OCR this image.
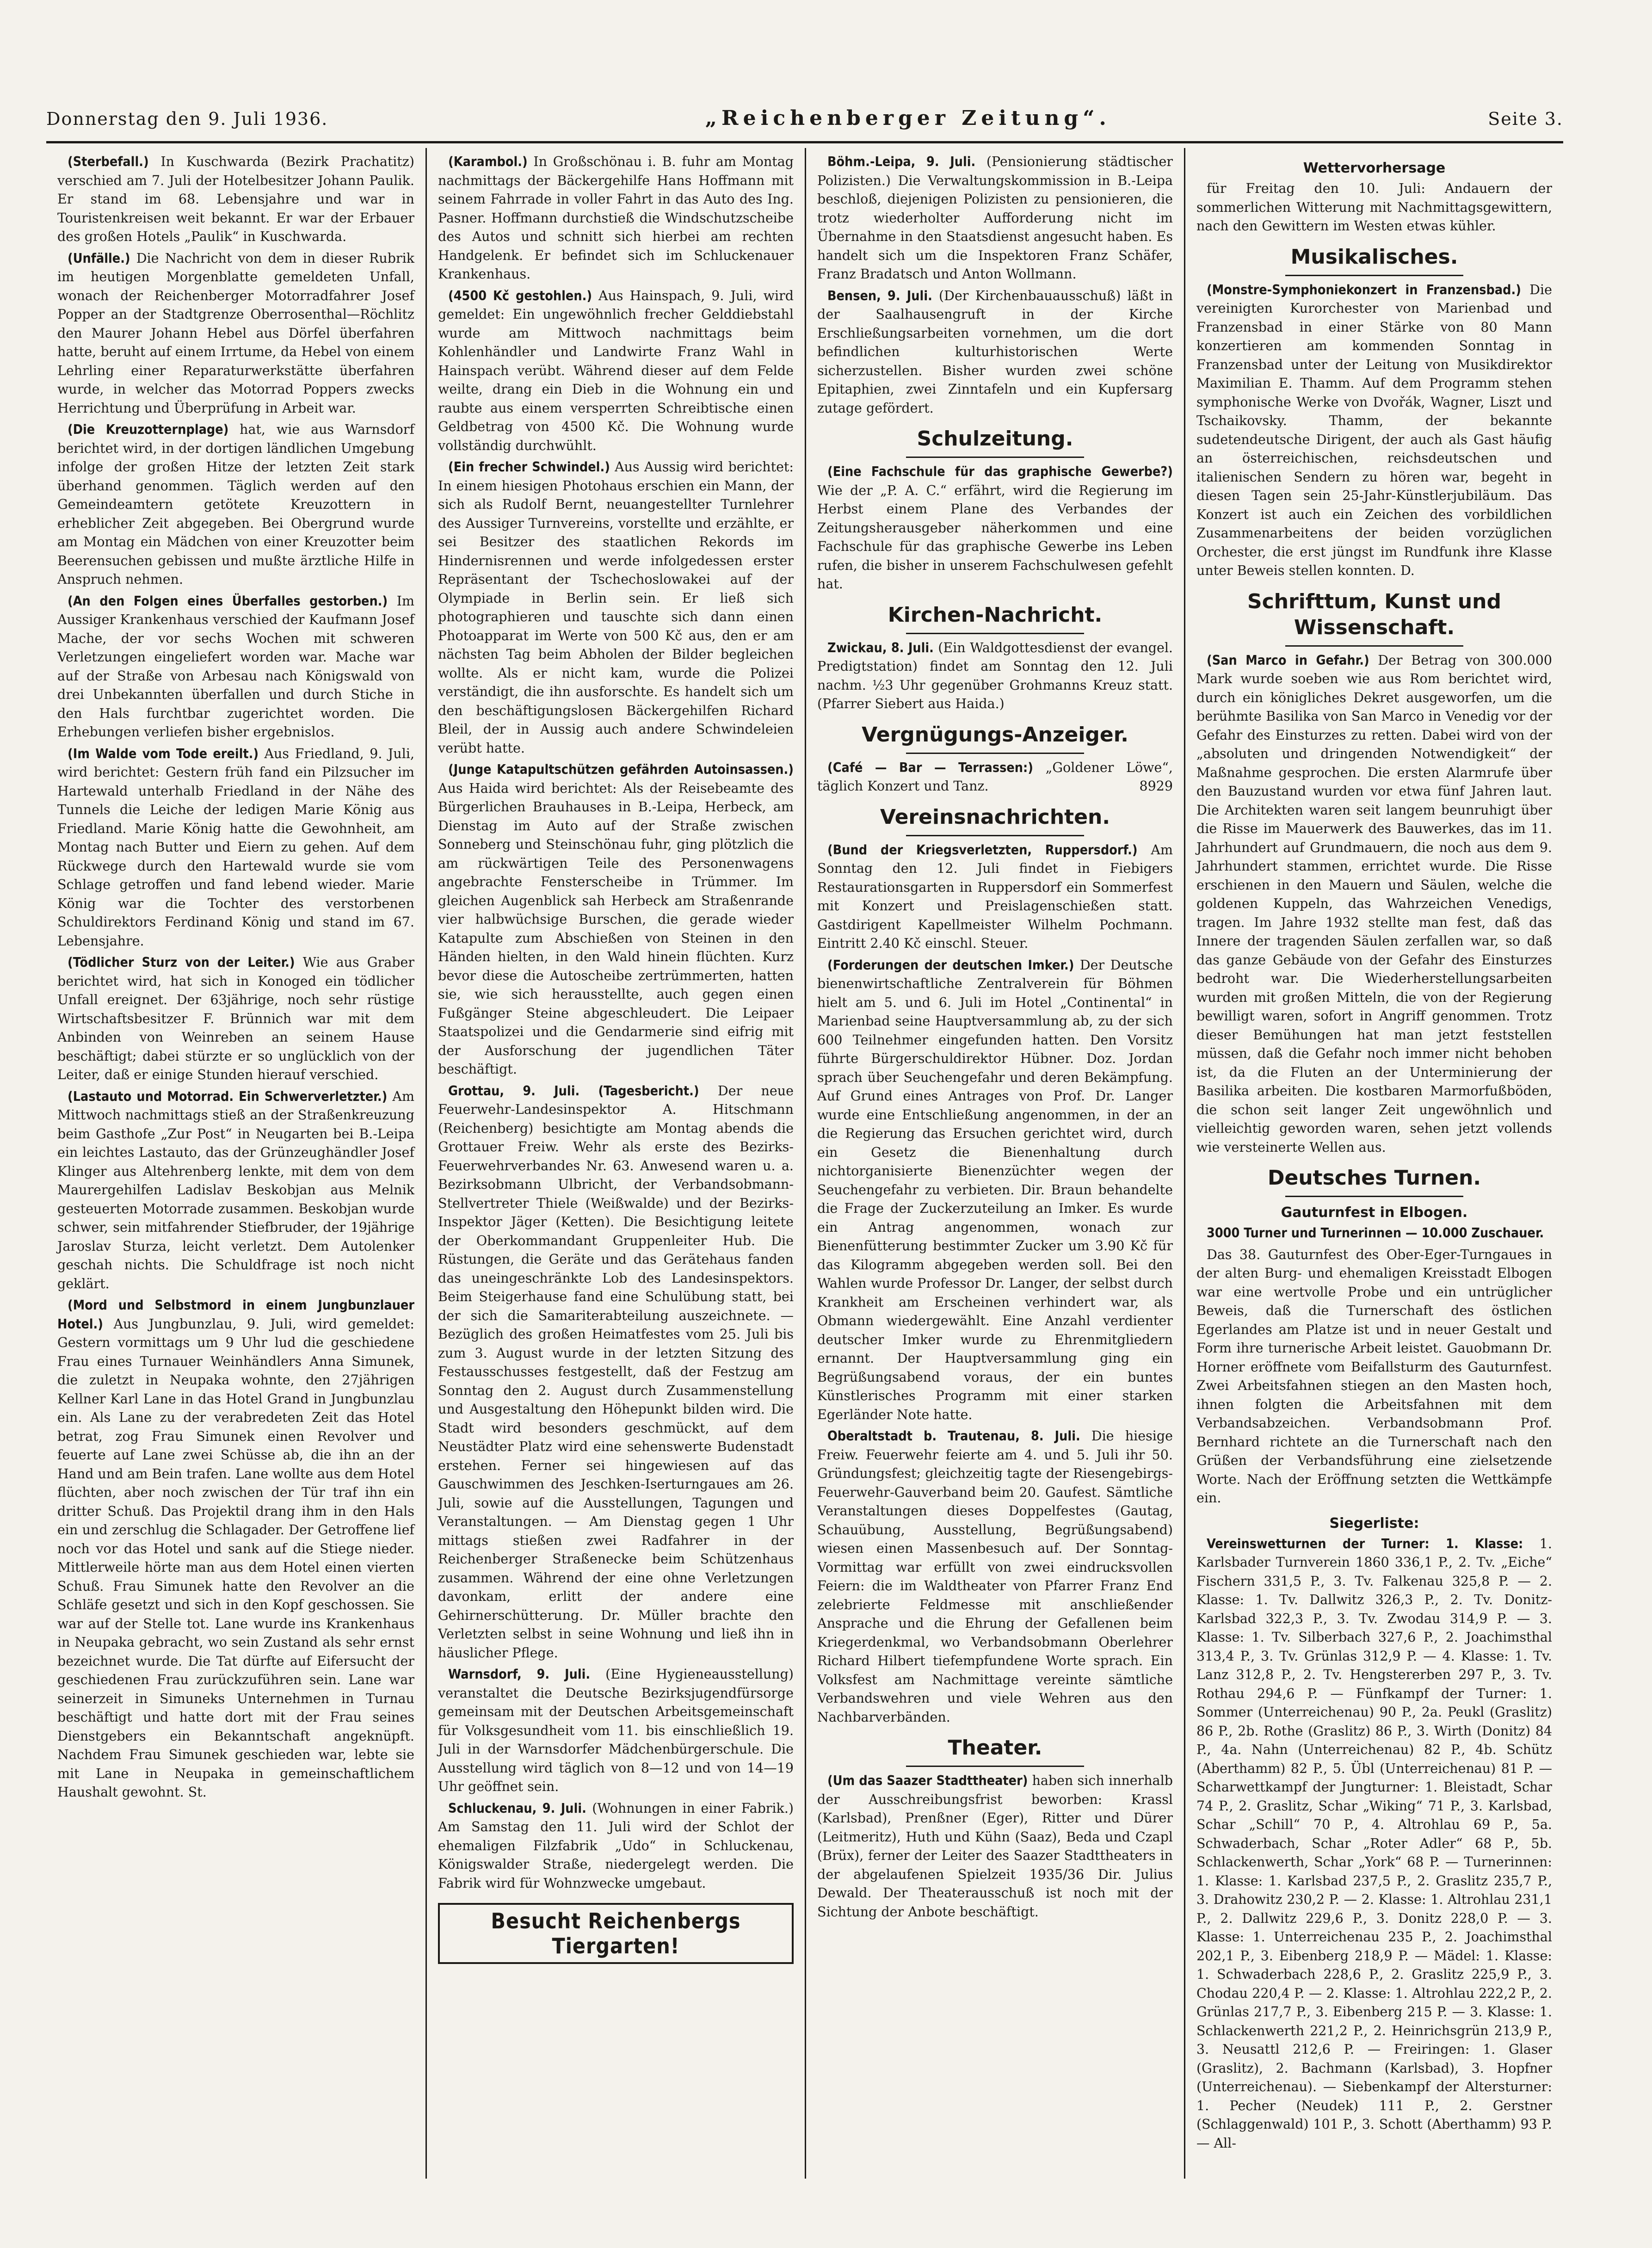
Donnerstag den 9. Juli 1936.	„Reichenberger Zeitung“.	Seite 3.

(Sterbefall.) In Kuschwarda (Bezirk Prachatitz) verschied am 7. Juli der Hotelbesitzer Johann Paulik. Er stand im 68. Lebensjahre und war in Touristenkreisen weit bekannt. Er war der Erbauer des großen Hotels „Paulik“ in Kuschwarda.

(Unfälle.) Die Nachricht von dem in dieser Rubrik im heutigen Morgenblatte gemeldeten Unfall, wonach der Reichenberger Motorradfahrer Josef Popper an der Stadtgrenze Oberrosenthal—Röchlitz den Maurer Johann Hebel aus Dörfel überfahren hatte, beruht auf einem Irrtume, da Hebel von einem Lehrling einer Reparaturwerkstätte überfahren wurde, in welcher das Motorrad Poppers zwecks Herrichtung und Überprüfung in Arbeit war.

(Die Kreuzotternplage) hat, wie aus Warnsdorf berichtet wird, in der dortigen ländlichen Umgebung infolge der großen Hitze der letzten Zeit stark überhand genommen. Täglich werden auf den Gemeindeamtern getötete Kreuzottern in erheblicher Zeit abgegeben. Bei Obergrund wurde am Montag ein Mädchen von einer Kreuzotter beim Beerensuchen gebissen und mußte ärztliche Hilfe in Anspruch nehmen.

(An den Folgen eines Überfalles gestorben.) Im Aussiger Krankenhaus verschied der Kaufmann Josef Mache, der vor sechs Wochen mit schweren Verletzungen eingeliefert worden war. Mache war auf der Straße von Arbesau nach Königswald von drei Unbekannten überfallen und durch Stiche in den Hals furchtbar zugerichtet worden. Die Erhebungen verliefen bisher ergebnislos.

(Im Walde vom Tode ereilt.) Aus Friedland, 9. Juli, wird berichtet: Gestern früh fand ein Pilzsucher im Hartewald unterhalb Friedland in der Nähe des Tunnels die Leiche der ledigen Marie König aus Friedland. Marie König hatte die Gewohnheit, am Montag nach Butter und Eiern zu gehen. Auf dem Rückwege durch den Hartewald wurde sie vom Schlage getroffen und fand lebend wieder. Marie König war die Tochter des verstorbenen Schuldirektors Ferdinand König und stand im 67. Lebensjahre.

(Tödlicher Sturz von der Leiter.) Wie aus Graber berichtet wird, hat sich in Konoged ein tödlicher Unfall ereignet. Der 63jährige, noch sehr rüstige Wirtschaftsbesitzer F. Brünnich war mit dem Anbinden von Weinreben an seinem Hause beschäftigt; dabei stürzte er so unglücklich von der Leiter, daß er einige Stunden hierauf verschied.

(Lastauto und Motorrad. Ein Schwerverletzter.) Am Mittwoch nachmittags stieß an der Straßenkreuzung beim Gasthofe „Zur Post“ in Neugarten bei B.-Leipa ein leichtes Lastauto, das der Grünzeughändler Josef Klinger aus Altehrenberg lenkte, mit dem von dem Maurergehilfen Ladislav Beskobjan aus Melnik gesteuerten Motorrade zusammen. Beskobjan wurde schwer, sein mitfahrender Stiefbruder, der 19jährige Jaroslav Sturza, leicht verletzt. Dem Autolenker geschah nichts. Die Schuldfrage ist noch nicht geklärt.

(Mord und Selbstmord in einem Jungbunzlauer Hotel.) Aus Jungbunzlau, 9. Juli, wird gemeldet: Gestern vormittags um 9 Uhr lud die geschiedene Frau eines Turnauer Weinhändlers Anna Simunek, die zuletzt in Neupaka wohnte, den 27jährigen Kellner Karl Lane in das Hotel Grand in Jungbunzlau ein. Als Lane zu der verabredeten Zeit das Hotel betrat, zog Frau Simunek einen Revolver und feuerte auf Lane zwei Schüsse ab, die ihn an der Hand und am Bein trafen. Lane wollte aus dem Hotel flüchten, aber noch zwischen der Tür traf ihn ein dritter Schuß. Das Projektil drang ihm in den Hals ein und zerschlug die Schlagader. Der Getroffene lief noch vor das Hotel und sank auf die Stiege nieder. Mittlerweile hörte man aus dem Hotel einen vierten Schuß. Frau Simunek hatte den Revolver an die Schläfe gesetzt und sich in den Kopf geschossen. Sie war auf der Stelle tot. Lane wurde ins Krankenhaus in Neupaka gebracht, wo sein Zustand als sehr ernst bezeichnet wurde. Die Tat dürfte auf Eifersucht der geschiedenen Frau zurückzuführen sein. Lane war seinerzeit in Simuneks Unternehmen in Turnau beschäftigt und hatte dort mit der Frau seines Dienstgebers ein Bekanntschaft angeknüpft. Nachdem Frau Simunek geschieden war, lebte sie mit Lane in Neupaka in gemeinschaftlichem Haushalt gewohnt. St.

(Karambol.) In Großschönau i. B. fuhr am Montag nachmittags der Bäckergehilfe Hans Hoffmann mit seinem Fahrrade in voller Fahrt in das Auto des Ing. Pasner. Hoffmann durchstieß die Windschutzscheibe des Autos und schnitt sich hierbei am rechten Handgelenk. Er befindet sich im Schluckenauer Krankenhaus.

(4500 Kč gestohlen.) Aus Hainspach, 9. Juli, wird gemeldet: Ein ungewöhnlich frecher Gelddiebstahl wurde am Mittwoch nachmittags beim Kohlenhändler und Landwirte Franz Wahl in Hainspach verübt. Während dieser auf dem Felde weilte, drang ein Dieb in die Wohnung ein und raubte aus einem versperrten Schreibtische einen Geldbetrag von 4500 Kč. Die Wohnung wurde vollständig durchwühlt.

(Ein frecher Schwindel.) Aus Aussig wird berichtet: In einem hiesigen Photohaus erschien ein Mann, der sich als Rudolf Bernt, neuangestellter Turnlehrer des Aussiger Turnvereins, vorstellte und erzählte, er sei Besitzer des staatlichen Rekords im Hindernisrennen und werde infolgedessen erster Repräsentant der Tschechoslowakei auf der Olympiade in Berlin sein. Er ließ sich photographieren und tauschte sich dann einen Photoapparat im Werte von 500 Kč aus, den er am nächsten Tag beim Abholen der Bilder begleichen wollte. Als er nicht kam, wurde die Polizei verständigt, die ihn ausforschte. Es handelt sich um den beschäftigungslosen Bäckergehilfen Richard Bleil, der in Aussig auch andere Schwindeleien verübt hatte.

(Junge Katapultschützen gefährden Autoinsassen.) Aus Haida wird berichtet: Als der Reisebeamte des Bürgerlichen Brauhauses in B.-Leipa, Herbeck, am Dienstag im Auto auf der Straße zwischen Sonneberg und Steinschönau fuhr, ging plötzlich die am rückwärtigen Teile des Personenwagens angebrachte Fensterscheibe in Trümmer. Im gleichen Augenblick sah Herbeck am Straßenrande vier halbwüchsige Burschen, die gerade wieder Katapulte zum Abschießen von Steinen in den Händen hielten, in den Wald hinein flüchten. Kurz bevor diese die Autoscheibe zertrümmerten, hatten sie, wie sich herausstellte, auch gegen einen Fußgänger Steine abgeschleudert. Die Leipaer Staatspolizei und die Gendarmerie sind eifrig mit der Ausforschung der jugendlichen Täter beschäftigt.

Grottau, 9. Juli. (Tagesbericht.) Der neue Feuerwehr-Landesinspektor A. Hitschmann (Reichenberg) besichtigte am Montag abends die Grottauer Freiw. Wehr als erste des Bezirks-Feuerwehrverbandes Nr. 63. Anwesend waren u. a. Bezirksobmann Ulbricht, der Verbandsobmann-Stellvertreter Thiele (Weißwalde) und der Bezirks-Inspektor Jäger (Ketten). Die Besichtigung leitete der Oberkommandant Gruppenleiter Hub. Die Rüstungen, die Geräte und das Gerätehaus fanden das uneingeschränkte Lob des Landesinspektors. Beim Steigerhause fand eine Schulübung statt, bei der sich die Samariterabteilung auszeichnete. — Bezüglich des großen Heimatfestes vom 25. Juli bis zum 3. August wurde in der letzten Sitzung des Festausschusses festgestellt, daß der Festzug am Sonntag den 2. August durch Zusammenstellung und Ausgestaltung den Höhepunkt bilden wird. Die Stadt wird besonders geschmückt, auf dem Neustädter Platz wird eine sehenswerte Budenstadt erstehen. Ferner sei hingewiesen auf das Gauschwimmen des Jeschken-Iserturngaues am 26. Juli, sowie auf die Ausstellungen, Tagungen und Veranstaltungen. — Am Dienstag gegen 1 Uhr mittags stießen zwei Radfahrer in der Reichenberger Straßenecke beim Schützenhaus zusammen. Während der eine ohne Verletzungen davonkam, erlitt der andere eine Gehirnerschütterung. Dr. Müller brachte den Verletzten selbst in seine Wohnung und ließ ihn in häuslicher Pflege.

Warnsdorf, 9. Juli. (Eine Hygieneausstellung) veranstaltet die Deutsche Bezirksjugendfürsorge gemeinsam mit der Deutschen Arbeitsgemeinschaft für Volksgesundheit vom 11. bis einschließlich 19. Juli in der Warnsdorfer Mädchenbürgerschule. Die Ausstellung wird täglich von 8—12 und von 14—19 Uhr geöffnet sein.

Schluckenau, 9. Juli. (Wohnungen in einer Fabrik.) Am Samstag den 11. Juli wird der Schlot der ehemaligen Filzfabrik „Udo“ in Schluckenau, Königswalder Straße, niedergelegt werden. Die Fabrik wird für Wohnzwecke umgebaut.

Besucht Reichenbergs Tiergarten!

Böhm.-Leipa, 9. Juli. (Pensionierung städtischer Polizisten.) Die Verwaltungskommission in B.-Leipa beschloß, diejenigen Polizisten zu pensionieren, die trotz wiederholter Aufforderung nicht im Übernahme in den Staatsdienst angesucht haben. Es handelt sich um die Inspektoren Franz Schäfer, Franz Bradatsch und Anton Wollmann.

Bensen, 9. Juli. (Der Kirchenbauausschuß) läßt in der Saalhausengruft in der Kirche Erschließungsarbeiten vornehmen, um die dort befindlichen kulturhistorischen Werte sicherzustellen. Bisher wurden zwei schöne Epitaphien, zwei Zinntafeln und ein Kupfersarg zutage gefördert.

Schulzeitung.

(Eine Fachschule für das graphische Gewerbe?) Wie der „P. A. C.“ erfährt, wird die Regierung im Herbst einem Plane des Verbandes der Zeitungsherausgeber näherkommen und eine Fachschule für das graphische Gewerbe ins Leben rufen, die bisher in unserem Fachschulwesen gefehlt hat.

Kirchen-Nachricht.

Zwickau, 8. Juli. (Ein Waldgottesdienst der evangel. Predigtstation) findet am Sonntag den 12. Juli nachm. ½3 Uhr gegenüber Grohmanns Kreuz statt. (Pfarrer Siebert aus Haida.)

Vergnügungs-Anzeiger.

(Café — Bar — Terrassen:) „Goldener Löwe“, täglich Konzert und Tanz.	8929

Vereinsnachrichten.

(Bund der Kriegsverletzten, Ruppersdorf.) Am Sonntag den 12. Juli findet in Fiebigers Restaurationsgarten in Ruppersdorf ein Sommerfest mit Konzert und Preislagenschießen statt. Gastdirigent Kapellmeister Wilhelm Pochmann. Eintritt 2.40 Kč einschl. Steuer.

(Forderungen der deutschen Imker.) Der Deutsche bienenwirtschaftliche Zentralverein für Böhmen hielt am 5. und 6. Juli im Hotel „Continental“ in Marienbad seine Hauptversammlung ab, zu der sich 600 Teilnehmer eingefunden hatten. Den Vorsitz führte Bürgerschuldirektor Hübner. Doz. Jordan sprach über Seuchengefahr und deren Bekämpfung. Auf Grund eines Antrages von Prof. Dr. Langer wurde eine Entschließung angenommen, in der an die Regierung das Ersuchen gerichtet wird, durch ein Gesetz die Bienenhaltung durch nichtorganisierte Bienenzüchter wegen der Seuchengefahr zu verbieten. Dir. Braun behandelte die Frage der Zuckerzuteilung an Imker. Es wurde ein Antrag angenommen, wonach zur Bienenfütterung bestimmter Zucker um 3.90 Kč für das Kilogramm abgegeben werden soll. Bei den Wahlen wurde Professor Dr. Langer, der selbst durch Krankheit am Erscheinen verhindert war, als Obmann wiedergewählt. Eine Anzahl verdienter deutscher Imker wurde zu Ehrenmitgliedern ernannt. Der Hauptversammlung ging ein Begrüßungsabend voraus, der ein buntes Künstlerisches Programm mit einer starken Egerländer Note hatte.

Oberaltstadt b. Trautenau, 8. Juli. Die hiesige Freiw. Feuerwehr feierte am 4. und 5. Juli ihr 50. Gründungsfest; gleichzeitig tagte der Riesengebirgs-Feuerwehr-Gauverband beim 20. Gaufest. Sämtliche Veranstaltungen dieses Doppelfestes (Gautag, Schauübung, Ausstellung, Begrüßungsabend) wiesen einen Massenbesuch auf. Der Sonntag-Vormittag war erfüllt von zwei eindrucksvollen Feiern: die im Waldtheater von Pfarrer Franz End zelebrierte Feldmesse mit anschließender Ansprache und die Ehrung der Gefallenen beim Kriegerdenkmal, wo Verbandsobmann Oberlehrer Richard Hilbert tiefempfundene Worte sprach. Ein Volksfest am Nachmittage vereinte sämtliche Verbandswehren und viele Wehren aus den Nachbarverbänden.

Theater.

(Um das Saazer Stadttheater) haben sich innerhalb der Ausschreibungsfrist beworben: Krassl (Karlsbad), Prenßner (Eger), Ritter und Dürer (Leitmeritz), Huth und Kühn (Saaz), Beda und Czapl (Brüx), ferner der Leiter des Saazer Stadttheaters in der abgelaufenen Spielzeit 1935/36 Dir. Julius Dewald. Der Theaterausschuß ist noch mit der Sichtung der Anbote beschäftigt.

Wettervorhersage

für Freitag den 10. Juli: Andauern der sommerlichen Witterung mit Nachmittagsgewittern, nach den Gewittern im Westen etwas kühler.

Musikalisches.

(Monstre-Symphoniekonzert in Franzensbad.) Die vereinigten Kurorchester von Marienbad und Franzensbad in einer Stärke von 80 Mann konzertieren am kommenden Sonntag in Franzensbad unter der Leitung von Musikdirektor Maximilian E. Thamm. Auf dem Programm stehen symphonische Werke von Dvořák, Wagner, Liszt und Tschaikovsky. Thamm, der bekannte sudetendeutsche Dirigent, der auch als Gast häufig an österreichischen, reichsdeutschen und italienischen Sendern zu hören war, begeht in diesen Tagen sein 25-Jahr-Künstlerjubiläum. Das Konzert ist auch ein Zeichen des vorbildlichen Zusammenarbeitens der beiden vorzüglichen Orchester, die erst jüngst im Rundfunk ihre Klasse unter Beweis stellen konnten. D.

Schrifttum, Kunst und Wissenschaft.

(San Marco in Gefahr.) Der Betrag von 300.000 Mark wurde soeben wie aus Rom berichtet wird, durch ein königliches Dekret ausgeworfen, um die berühmte Basilika von San Marco in Venedig vor der Gefahr des Einsturzes zu retten. Dabei wird von der „absoluten und dringenden Notwendigkeit“ der Maßnahme gesprochen. Die ersten Alarmrufe über den Bauzustand wurden vor etwa fünf Jahren laut. Die Architekten waren seit langem beunruhigt über die Risse im Mauerwerk des Bauwerkes, das im 11. Jahrhundert auf Grundmauern, die noch aus dem 9. Jahrhundert stammen, errichtet wurde. Die Risse erschienen in den Mauern und Säulen, welche die goldenen Kuppeln, das Wahrzeichen Venedigs, tragen. Im Jahre 1932 stellte man fest, daß das Innere der tragenden Säulen zerfallen war, so daß das ganze Gebäude von der Gefahr des Einsturzes bedroht war. Die Wiederherstellungsarbeiten wurden mit großen Mitteln, die von der Regierung bewilligt waren, sofort in Angriff genommen. Trotz dieser Bemühungen hat man jetzt feststellen müssen, daß die Gefahr noch immer nicht behoben ist, da die Fluten an der Unterminierung der Basilika arbeiten. Die kostbaren Marmorfußböden, die schon seit langer Zeit ungewöhnlich und vielleichtig geworden waren, sehen jetzt vollends wie versteinerte Wellen aus.

Deutsches Turnen.
Gauturnfest in Elbogen.

3000 Turner und Turnerinnen — 10.000 Zuschauer.

Das 38. Gauturnfest des Ober-Eger-Turngaues in der alten Burg- und ehemaligen Kreisstadt Elbogen war eine wertvolle Probe und ein untrüglicher Beweis, daß die Turnerschaft des östlichen Egerlandes am Platze ist und in neuer Gestalt und Form ihre turnerische Arbeit leistet. Gauobmann Dr. Horner eröffnete vom Beifallsturm des Gauturnfest. Zwei Arbeitsfahnen stiegen an den Masten hoch, ihnen folgten die Arbeitsfahnen mit dem Verbandsabzeichen. Verbandsobmann Prof. Bernhard richtete an die Turnerschaft nach den Grüßen der Verbandsführung eine zielsetzende Worte. Nach der Eröffnung setzten die Wettkämpfe ein.

Siegerliste:

Vereinswetturnen der Turner: 1. Klasse: 1. Karlsbader Turnverein 1860 336,1 P., 2. Tv. „Eiche“ Fischern 331,5 P., 3. Tv. Falkenau 325,8 P. — 2. Klasse: 1. Tv. Dallwitz 326,3 P., 2. Tv. Donitz-Karlsbad 322,3 P., 3. Tv. Zwodau 314,9 P. — 3. Klasse: 1. Tv. Silberbach 327,6 P., 2. Joachimsthal 313,4 P., 3. Tv. Grünlas 312,9 P. — 4. Klasse: 1. Tv. Lanz 312,8 P., 2. Tv. Hengstererben 297 P., 3. Tv. Rothau 294,6 P. — Fünfkampf der Turner: 1. Sommer (Unterreichenau) 90 P., 2a. Peukl (Graslitz) 86 P., 2b. Rothe (Graslitz) 86 P., 3. Wirth (Donitz) 84 P., 4a. Nahn (Unterreichenau) 82 P., 4b. Schütz (Aberthamm) 82 P., 5. Übl (Unterreichenau) 81 P. — Scharwettkampf der Jungturner: 1. Bleistadt, Schar 74 P., 2. Graslitz, Schar „Wiking“ 71 P., 3. Karlsbad, Schar „Schill“ 70 P., 4. Altrohlau 69 P., 5a. Schwaderbach, Schar „Roter Adler“ 68 P., 5b. Schlackenwerth, Schar „York“ 68 P. — Turnerinnen: 1. Klasse: 1. Karlsbad 237,5 P., 2. Graslitz 235,7 P., 3. Drahowitz 230,2 P. — 2. Klasse: 1. Altrohlau 231,1 P., 2. Dallwitz 229,6 P., 3. Donitz 228,0 P. — 3. Klasse: 1. Unterreichenau 235 P., 2. Joachimsthal 202,1 P., 3. Eibenberg 218,9 P. — Mädel: 1. Klasse: 1. Schwaderbach 228,6 P., 2. Graslitz 225,9 P., 3. Chodau 220,4 P. — 2. Klasse: 1. Altrohlau 222,2 P., 2. Grünlas 217,7 P., 3. Eibenberg 215 P. — 3. Klasse: 1. Schlackenwerth 221,2 P., 2. Heinrichsgrün 213,9 P., 3. Neusattl 212,6 P. — Freiringen: 1. Glaser (Graslitz), 2. Bachmann (Karlsbad), 3. Hopfner (Unterreichenau). — Siebenkampf der Altersturner: 1. Pecher (Neudek) 111 P., 2. Gerstner (Schlaggenwald) 101 P., 3. Schott (Aberthamm) 93 P. — All-
